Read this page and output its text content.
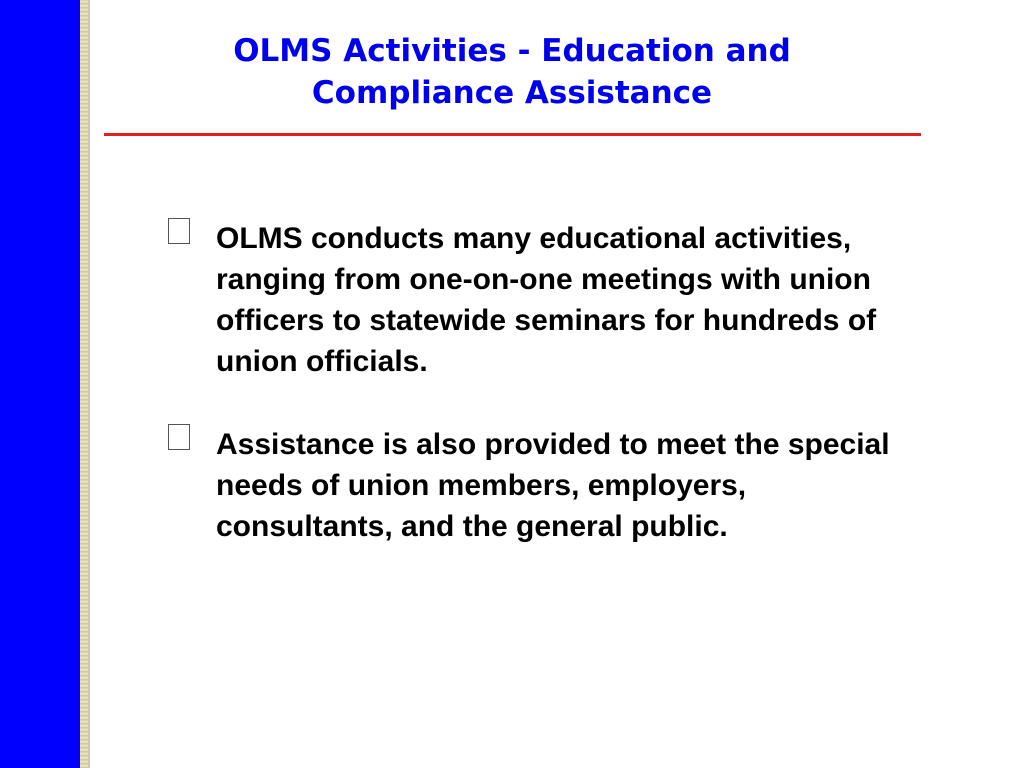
OLMS Activities - Education and
Compliance Assistance
OLMS conducts many educational activities, ranging from one-on-one meetings with union officers to statewide seminars for hundreds of union officials.
Assistance is also provided to meet the special needs of union members, employers, consultants, and the general public.
